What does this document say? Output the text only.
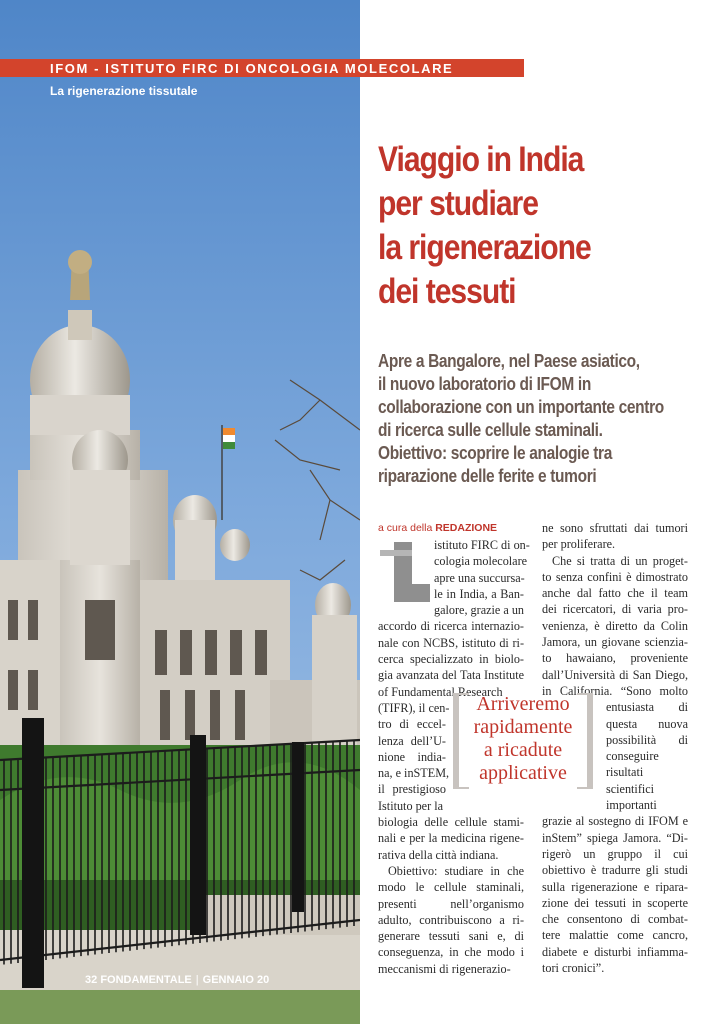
IFOM - ISTITUTO FIRC DI ONCOLOGIA MOLECOLARE
La rigenerazione tissutale
Viaggio in India
per studiare
la rigenerazione
dei tessuti
Apre a Bangalore, nel Paese asiatico,
il nuovo laboratorio di IFOM in
collaborazione con un importante centro
di ricerca sulle cellule staminali.
Obiettivo: scoprire le analogie tra
riparazione delle ferite e tumori
a cura della REDAZIONE
istituto FIRC di on-
cologia molecolare
apre una succursa-
le in India, a Ban-
galore, grazie a un
accordo di ricerca internazio-
nale con NCBS, istituto di ri-
cerca specializzato in biolo-
gia avanzata del Tata Institute
of Fundamental Research
(TIFR), il cen-
tro di eccel-
lenza dell’U-
nione india-
na, e inSTEM,
il prestigioso
Istituto per la
biologia delle cellule stami-
nali e per la medicina rigene-
rativa della città indiana.
Obiettivo: studiare in che
modo le cellule staminali,
presenti nell’organismo
adulto, contribuiscono a ri-
generare tessuti sani e, di
conseguenza, in che modo i
meccanismi di rigenerazio-
ne sono sfruttati dai tumori
per proliferare.
Che si tratta di un proget-
to senza confini è dimostrato
anche dal fatto che il team
dei ricercatori, di varia pro-
venienza, è diretto da Colin
Jamora, un giovane scienzia-
to hawaiano, proveniente
dall’Università di San Diego,
in California. “Sono molto
entusiasta di
questa nuova
possibilità di
conseguire
risultati
scientifici
importanti
grazie al sostegno di IFOM e
inStem” spiega Jamora. “Di-
rigerò un gruppo il cui
obiettivo è tradurre gli studi
sulla rigenerazione e ripara-
zione dei tessuti in scoperte
che consentono di combat-
tere malattie come cancro,
diabete e disturbi infiamma-
tori cronici”.
Arriveremo
rapidamente
a ricadute
applicative
32 FONDAMENTALE | GENNAIO 20
